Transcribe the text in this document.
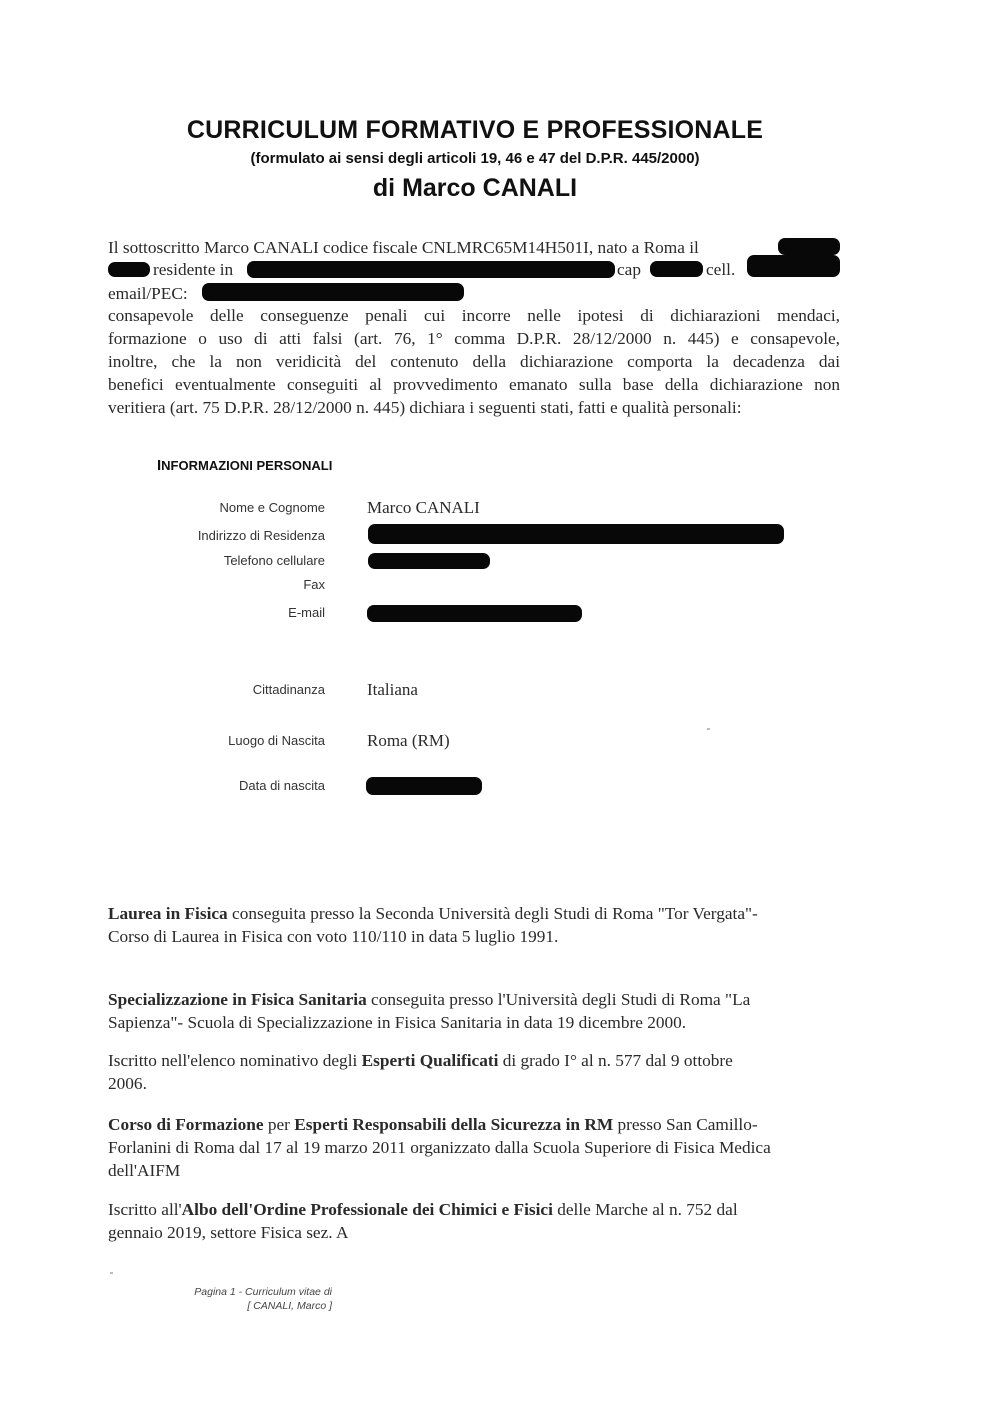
CURRICULUM FORMATIVO E PROFESSIONALE
(formulato ai sensi degli articoli 19, 46 e 47 del D.P.R. 445/2000)
di Marco CANALI
Il sottoscritto Marco CANALI codice fiscale CNLMRC65M14H501I, nato a Roma il
residente in	cap	cell.
email/PEC:
consapevole delle conseguenze penali cui incorre nelle ipotesi di dichiarazioni mendaci,
formazione o uso di atti falsi (art. 76, 1° comma D.P.R. 28/12/2000 n. 445) e consapevole,
inoltre, che la non veridicità del contenuto della dichiarazione comporta la decadenza dai
benefici eventualmente conseguiti al provvedimento emanato sulla base della dichiarazione non
veritiera (art. 75 D.P.R. 28/12/2000 n. 445) dichiara i seguenti stati, fatti e qualità personali:
INFORMAZIONI PERSONALI
Nome e Cognome Marco CANALI
Indirizzo di Residenza
Telefono cellulare
Fax
E-mail
Cittadinanza Italiana
Luogo di Nascita Roma (RM)
Data di nascita
Laurea in Fisica conseguita presso la Seconda Università degli Studi di Roma "Tor Vergata"-
Corso di Laurea in Fisica con voto 110/110 in data 5 luglio 1991.
Specializzazione in Fisica Sanitaria conseguita presso l'Università degli Studi di Roma "La
Sapienza"- Scuola di Specializzazione in Fisica Sanitaria in data 19 dicembre 2000.
Iscritto nell'elenco nominativo degli Esperti Qualificati di grado I° al n. 577 dal 9 ottobre
2006.
Corso di Formazione per Esperti Responsabili della Sicurezza in RM presso San Camillo-
Forlanini di Roma dal 17 al 19 marzo 2011 organizzato dalla Scuola Superiore di Fisica Medica
dell'AIFM
Iscritto all'Albo dell'Ordine Professionale dei Chimici e Fisici delle Marche al n. 752 dal
gennaio 2019, settore Fisica sez. A
Pagina 1 - Curriculum vitae di
[ CANALI, Marco ]
